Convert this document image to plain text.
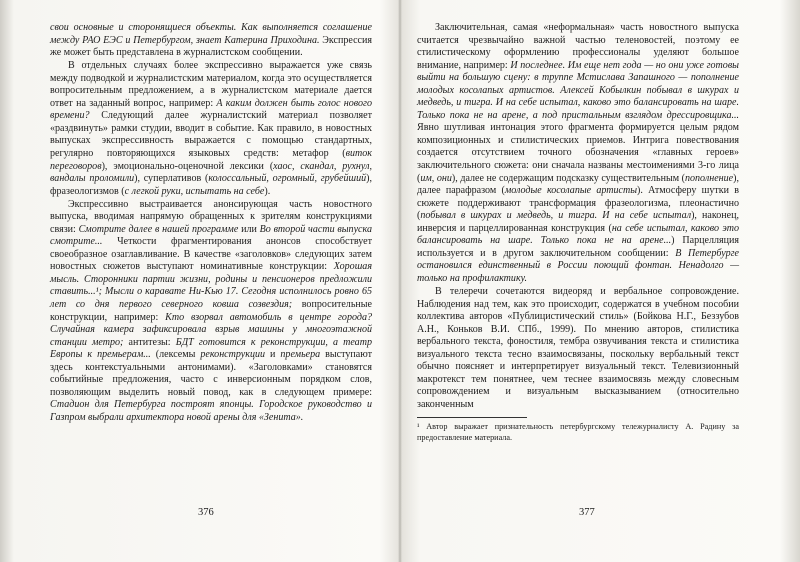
свои основные и сторонящиеся объекты. Как выполняется соглашение между РАО ЕЭС и Петербургом, знает Катерина Приходина. Экспрессия же может быть представлена в журналистском сообщении.

В отдельных случаях более экспрессивно выражается уже связь между подводкой и журналистским материалом, когда это осуществляется вопросительным предложением, а в журналистском материале дается ответ на заданный вопрос, например: А каким должен быть голос нового времени? Следующий далее журналистский материал позволяет «раздвинуть» рамки студии, вводит в событие. Как правило, в новостных выпусках экспрессивность выражается с помощью стандартных, регулярно повторяющихся языковых средств: метафор (виток переговоров), эмоционально-оценочной лексики (хаос, скандал, рухнул, вандалы проломили), суперлативов (колоссальный, огромный, грубейший), фразеологизмов (с легкой руки, испытать на себе).

Экспрессивно выстраивается анонсирующая часть новостного выпуска, вводимая напрямую обращенных к зрителям конструкциями связи: Смотрите далее в нашей программе или Во второй части выпуска смотрите... Четкости фрагментирования анонсов способствует своеобразное озаглавливание. В качестве «заголовков» следующих затем новостных сюжетов выступают номинативные конструкции: Хорошая мысль. Сторонники партии жизни, родины и пенсионеров предложили ставить...¹; Мысли о каравате Ни-Кью 17. Сегодня исполнилось ровно 65 лет со дня первого северного ковша созвездия; вопросительные конструкции, например: Кто взорвал автомобиль в центре города? Случайная камера зафиксировала взрыв машины у многоэтажной станции метро; антитезы: БДТ готовится к реконструкции, а театр Европы к премьерам... (лексемы реконструкции и премьера выступают здесь контекстуальными антонимами). «Заголовками» становятся событийные предложения, часто с инверсионным порядком слов, позволяющим выделить новый повод, как в следующем примере: Стадион для Петербурга построят японцы. Городское руководство и Газпром выбрали архитектора новой арены для «Зенита».

376

Заключительная, самая «неформальная» часть новостного выпуска считается чрезвычайно важной частью теленовостей, поэтому ее стилистическому оформлению профессионалы уделяют большое внимание, например: И последнее. Им еще нет года — но они уже готовы выйти на большую сцену: в труппе Мстислава Запашного — пополнение молодых косолапых артистов. Алексей Кобылкин побывал в шкурах и медведь, и тигра. И на себе испытал, каково это балансировать на шаре. Только пока не на арене, а под пристальным взглядом дрессировщика... Явно шутливая интонация этого фрагмента формируется целым рядом композиционных и стилистических приемов. Интрига повествования создается отсутствием точного обозначения «главных героев» заключительного сюжета: они сначала названы местоимениями 3-го лица (им, они), далее не содержащим подсказку существительным (пополнение), далее парафразом (молодые косолапые артисты). Атмосферу шутки в сюжете поддерживают трансформация фразеологизма, плеонастично (побывал в шкурах и медведь, и тигра. И на себе испытал), наконец, инверсия и парцеллированная конструкция (на себе испытал, каково это балансировать на шаре. Только пока не на арене...) Парцелляция используется и в другом заключительном сообщении: В Петербурге остановился единственный в России поющий фонтан. Ненадолго — только на профилактику.

В телеречи сочетаются видеоряд и вербальное сопровождение. Наблюдения над тем, как это происходит, содержатся в учебном пособии коллектива авторов «Публицистический стиль» (Бойкова Н.Г., Беззубов А.Н., Коньков В.И. СПб., 1999). По мнению авторов, стилистика вербального текста, фоностиля, тембра озвучивания текста и стилистика визуального текста тесно взаимосвязаны, поскольку вербальный текст обычно поясняет и интерпретирует визуальный текст. Телевизионный макротекст тем понятнее, чем теснее взаимосвязь между словесным сопровождением и визуальным высказыванием (относительно законченным

¹ Автор выражает признательность петербургскому тележурналисту А. Радину за предоставление материала.

377
